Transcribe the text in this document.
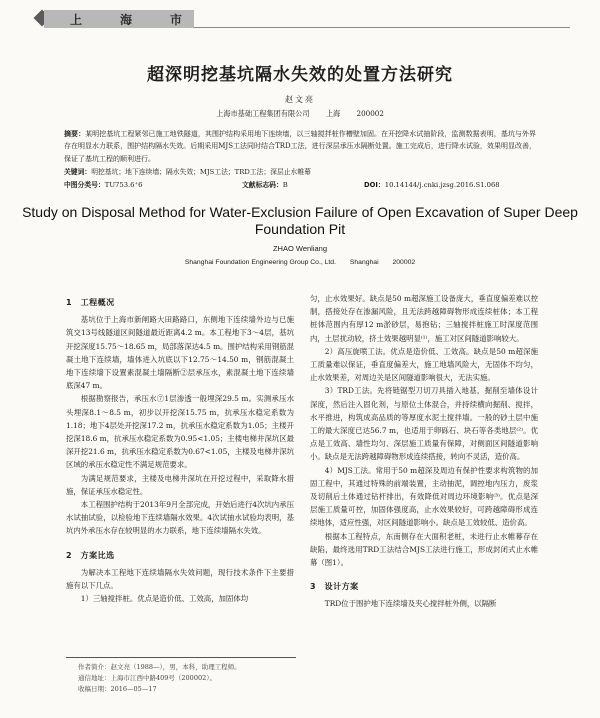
上海市
超深明挖基坑隔水失效的处置方法研究
赵文亮
上海市基础工程集团有限公司 上海 200002
摘要：某明挖基坑工程紧邻已施工地铁隧道，其围护结构采用地下连续墙，以三轴搅拌桩作槽壁加固。在开挖降水试抽阶段，监测数据表明，基坑与外界存在明显水力联系，围护结构隔水失效。后期采用MJS工法同时结合TRD工法，进行深层承压水隔断处置。施工完成后，进行降水试验，效果明显改善，保证了基坑工程的顺利进行。
关键词：明挖基坑；地下连续墙；隔水失效；MJS工法；TRD工法；深层止水帷幕
中图分类号：TU753.6⁺6	文献标志码：B	DOI：10.14144/j.cnki.jzsg.2016.S1.068
Study on Disposal Method for Water-Exclusion Failure of Open Excavation of Super Deep Foundation Pit
ZHAO Wenliang
Shanghai Foundation Engineering Group Co., Ltd. Shanghai 200002
1　工程概况

基坑位于上海市新闸路大田路路口，东侧地下连续墙外边与已施筑交13号线隧道区间隧道最近距离4.2 m。本工程地下3～4层，基坑开挖深度15.75～18.65 m，局部落深达4.5 m。围护结构采用钢筋混凝土地下连续墙，墙体进入坑底以下12.75～14.50 m，钢筋混凝土地下连续墙下设置素混凝土墙隔断②层承压水，素混凝土地下连续墙底深47 m。

根据勘察报告，承压水⑦1层渗透一般埋深29.5 m。实测承压水头埋深8.1～8.5 m，初步以开挖深15.75 m，抗承压水稳定系数为1.18；地下4层处开挖深17.2 m，抗承压水稳定系数为1.05；主楼开挖深18.6 m，抗承压水稳定系数为0.95<1.05；主楼电梯井深坑区最深开挖21.6 m，抗承压水稳定系数为0.67<1.05，主楼及电梯井深坑区域的承压水稳定性不满足规范要求。

为满足规范要求，主楼及电梯井深坑在开挖过程中，采取降水措施，保证承压水稳定性。

本工程围护结构于2013年9月全部完成，开始后进行4次坑内承压水试抽试验，以检验地下连续墙隔水效果。4次试抽水试验均表明，基坑内外承压水存在较明显的水力联系，地下连续墙隔水失效。

2　方案比选

为解决本工程地下连续墙隔水失效问题，现行技术条件下主要措施有以下几点。

1）三轴搅拌桩。优点是造价低、工效高，加固体均

匀，止水效果好。缺点是50 m超深施工设备庞大，垂直度偏差难以控制，搭接处存在渗漏风险，且无法跨越障碍物形成连续桩体；本工程桩体范围内有厚12 m淤砂层，易抱钻；三轴搅拌桩施工时深度范围内，土层扰动较，挤土效果越明显⁽¹⁾，施工对区间隧道影响较大。

2）高压旋喷工法。优点是造价低、工效高。缺点是50 m超深施工质量难以保证，垂直度偏差大，施工地墙风险大，无固体不均匀，止水效果差，对周边关是区间隧道影响很大，无法实施。

3）TRD工法。先将链锯型刀切刀具插入地基，掘削至墙体设计深度，然后注入固化剂，与原位土体混合，并持续横向掘削、搅拌，水平推进，构筑成高品质的等厚度水泥土搅拌墙。一般的砂土层中施工的最大深度已达56.7 m，也适用于卵砾石、块石等各类地层⁽²⁾。优点是工效高、墙性均匀、深层施工质量有保障，对侧面区间隧道影响小。缺点是无法跨越障碍物形成连续搭接，转向不灵活，造价高。

4）MJS工法。常用于50 m超深及周边有保护性要求构筑物的加固工程中，其通过特殊的前端装置，主动抽泥，调控地内压力，废浆及切削后土体通过钻杆排出，有效降低对周边环境影响⁽³⁾。优点是深层施工质量可控，加固体强度高，止水效果较好，可跨越障碍形成连续地体，适应性强，对区间隧道影响小。缺点是工效较低、造价高。

根据本工程特点，东南侧存在大面积老桩，未进行止水帷幕存在缺陷，最终选用TRD工法结合MJS工法进行施工，形成封闭式止水帷幕（图1）。

3　设计方案

TRD位于围护地下连续墙及夹心搅拌桩外侧，以隔断

作者简介：赵文亮（1988—），男，本科，助理工程师。
通信地址：上海市江西中路409号（200002）。
收稿日期：2016—05—17
